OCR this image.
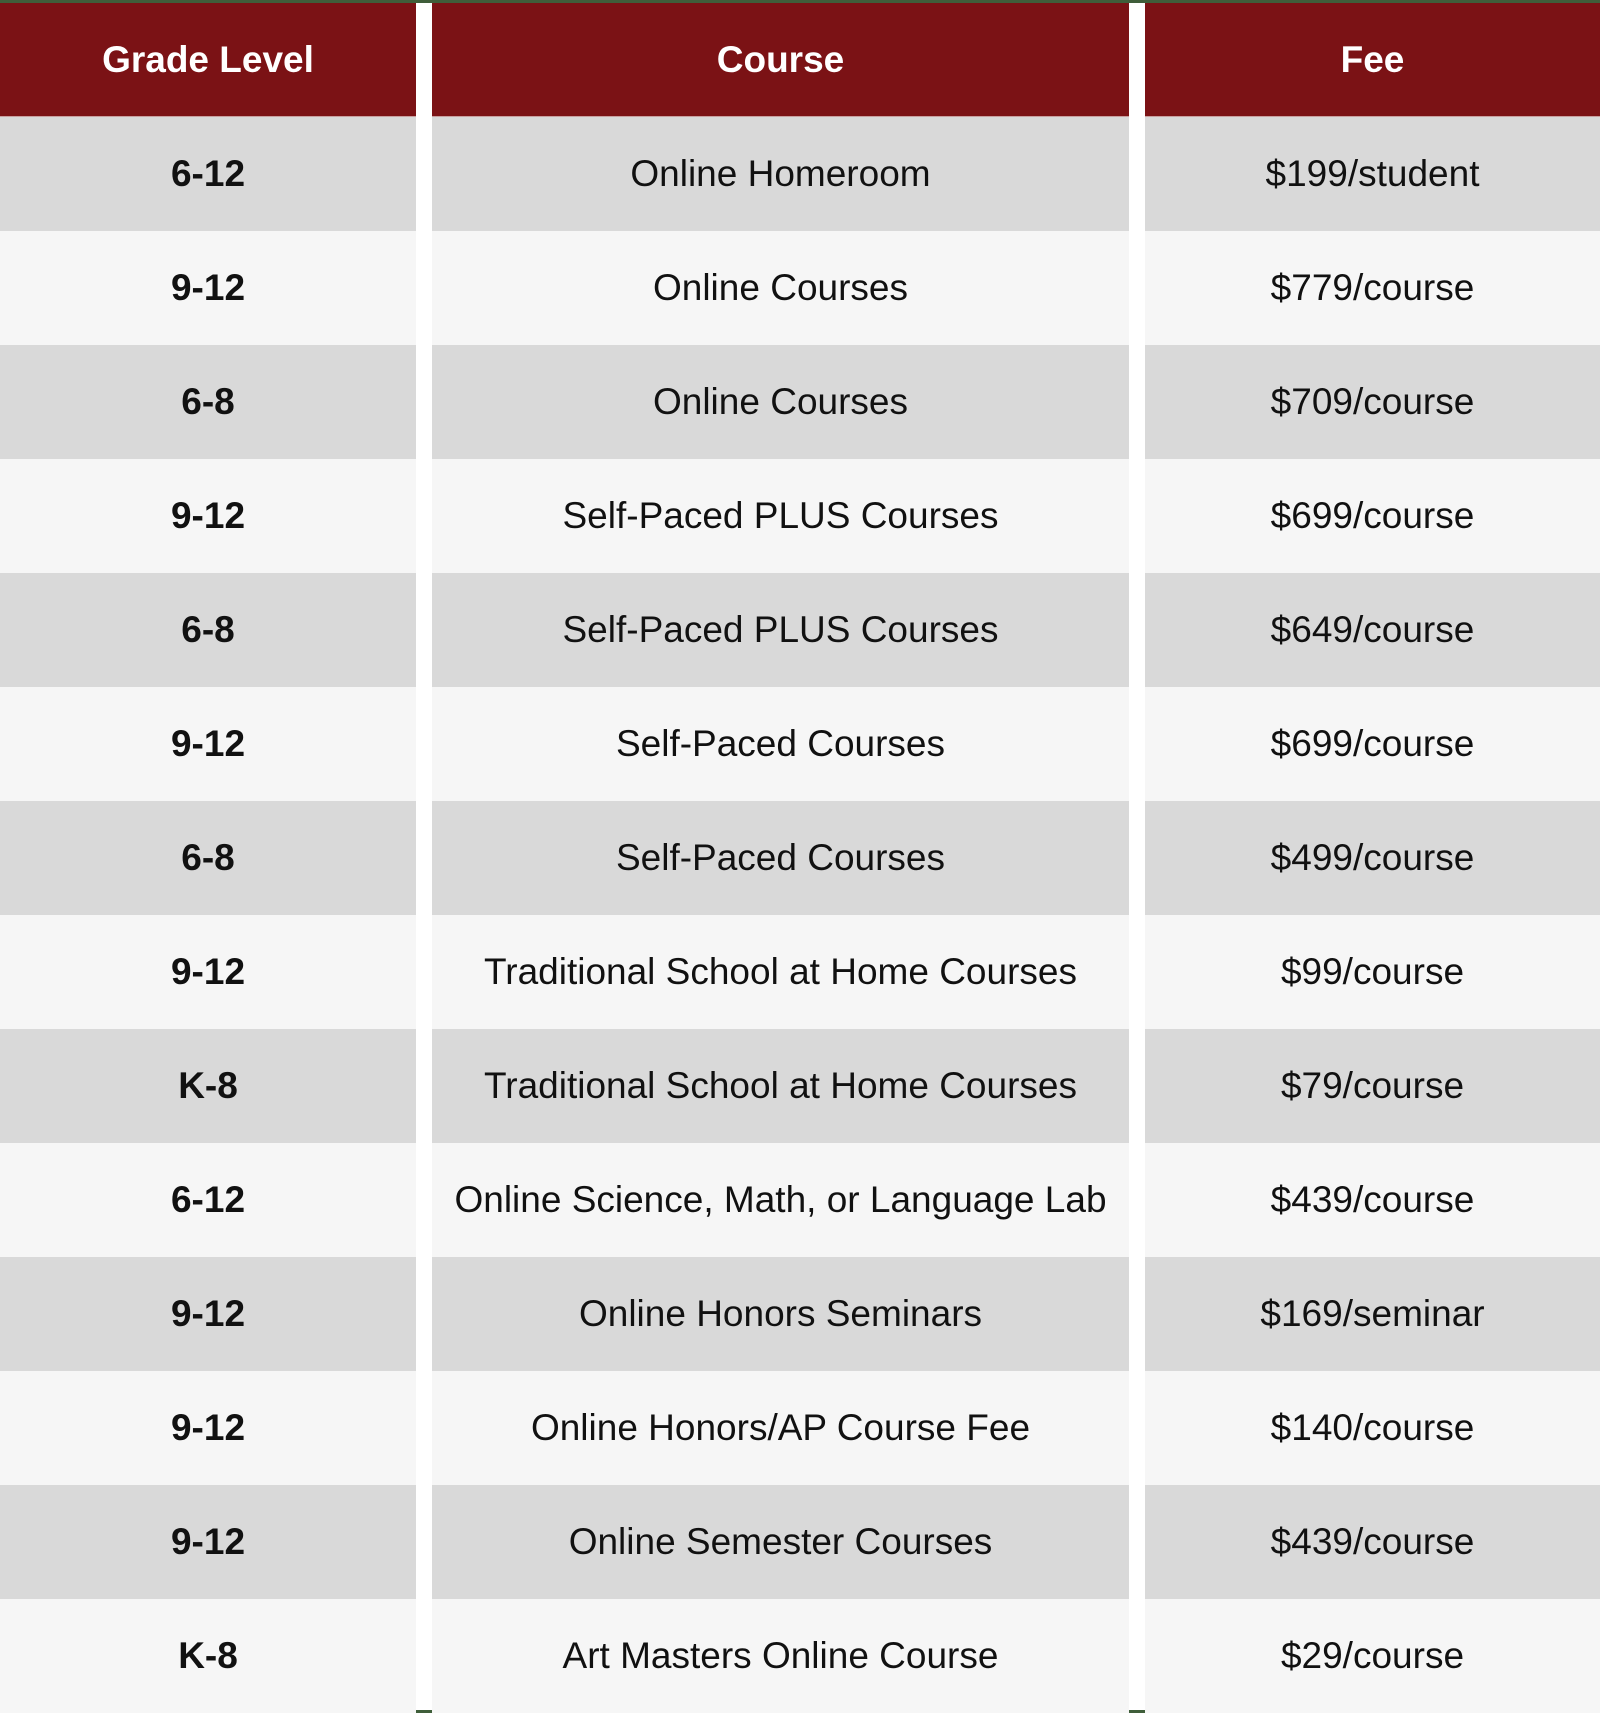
Grade Level	Course	Fee
6-12	Online Homeroom	$199/student
9-12	Online Courses	$779/course
6-8	Online Courses	$709/course
9-12	Self-Paced PLUS Courses	$699/course
6-8	Self-Paced PLUS Courses	$649/course
9-12	Self-Paced Courses	$699/course
6-8	Self-Paced Courses	$499/course
9-12	Traditional School at Home Courses	$99/course
K-8	Traditional School at Home Courses	$79/course
6-12	Online Science, Math, or Language Lab	$439/course
9-12	Online Honors Seminars	$169/seminar
9-12	Online Honors/AP Course Fee	$140/course
9-12	Online Semester Courses	$439/course
K-8	Art Masters Online Course	$29/course
